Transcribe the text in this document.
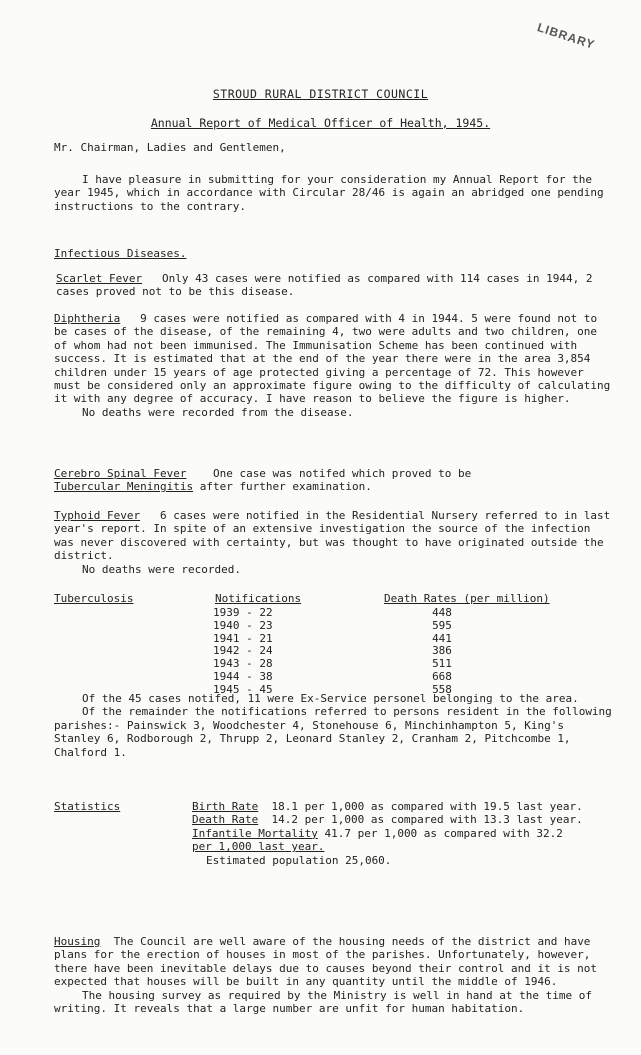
LIBRARY
STROUD RURAL DISTRICT COUNCIL
Annual Report of Medical Officer of Health, 1945.
Mr. Chairman, Ladies and Gentlemen,

I have pleasure in submitting for your consideration my Annual Report for the year 1945, which in accordance with Circular 28/46 is again an abridged one pending instructions to the contrary.

Infectious Diseases.

Scarlet Fever Only 43 cases were notified as compared with 114 cases in 1944, 2 cases proved not to be this disease.

Diphtheria 9 cases were notified as compared with 4 in 1944. 5 were found not to be cases of the disease, of the remaining 4, two were adults and two children, one of whom had not been immunised. The Immunisation Scheme has been continued with success. It is estimated that at the end of the year there were in the area 3,854 children under 15 years of age protected giving a percentage of 72. This however must be considered only an approximate figure owing to the difficulty of calculating it with any degree of accuracy. I have reason to believe the figure is higher.

No deaths were recorded from the disease.
Cerebro Spinal Fever One case was notifed which proved to be
Tubercular Meningitis after further examination.

Typhoid Fever 6 cases were notified in the Residential Nursery referred to in last year's report. In spite of an extensive investigation the source of the infection was never discovered with certainty, but was thought to have originated outside the district.

No deaths were recorded.
Tuberculosis	Notifications	Death Rates (per million)
1939 - 22	448
1940 - 23	595
1941 - 21	441
1942 - 24	386
1943 - 28	511
1944 - 38	668
1945 - 45	558

Of the 45 cases notifed, 11 were Ex-Service personel belonging to the area.

Of the remainder the notifications referred to persons resident in the following parishes:- Painswick 3, Woodchester 4, Stonehouse 6, Minchinhampton 5, King's Stanley 6, Rodborough 2, Thrupp 2, Leonard Stanley 2, Cranham 2, Pitchcombe 1, Chalford 1.

Statistics	Birth Rate 18.1 per 1,000 as compared with 19.5 last year.

Death Rate 14.2 per 1,000 as compared with 13.3 last year.

Infantile Mortality 41.7 per 1,000 as compared with 32.2
per 1,000 last year.

Estimated population 25,060.

Housing The Council are well aware of the housing needs of the district and have plans for the erection of houses in most of the parishes. Unfortunately, however, there have been inevitable delays due to causes beyond their control and it is not expected that houses will be built in any quantity until the middle of 1946.

The housing survey as required by the Ministry is well in hand at the time of writing. It reveals that a large number are unfit for human habitation.
